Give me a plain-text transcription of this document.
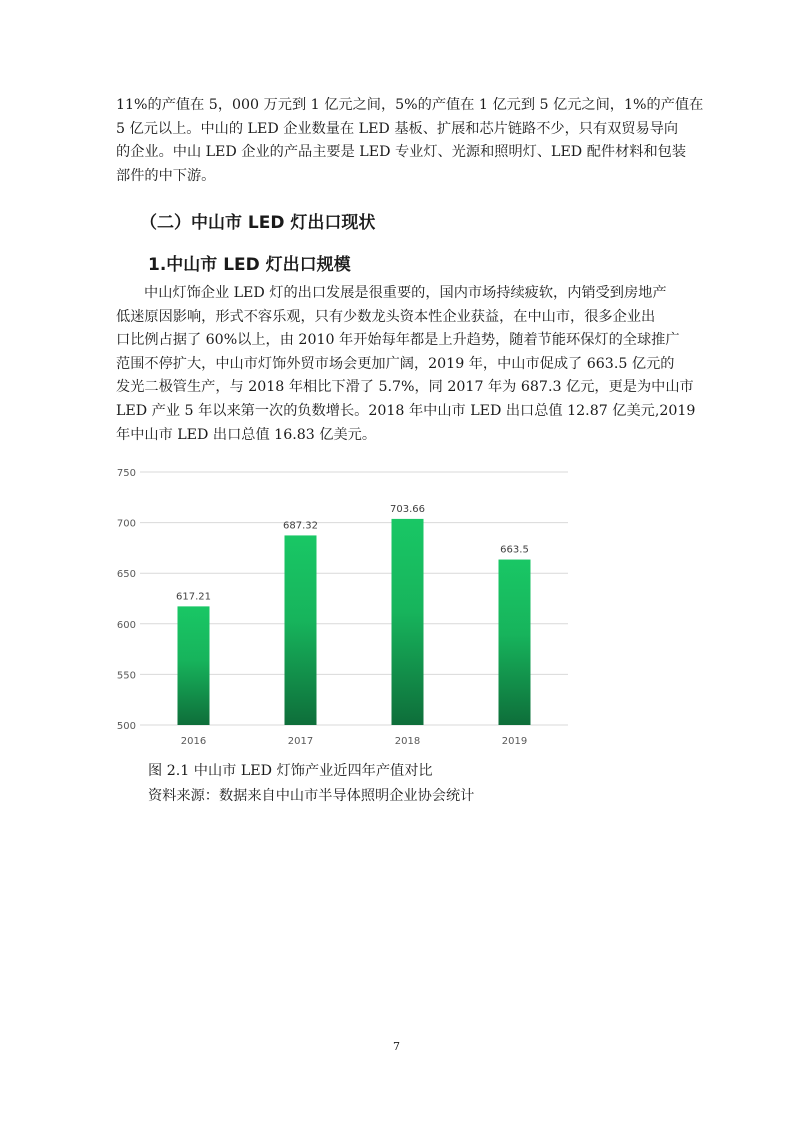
11%的产值在 5，000 万元到 1 亿元之间，5%的产值在 1 亿元到 5 亿元之间，1%的产值在
5 亿元以上。中山的 LED 企业数量在 LED 基板、扩展和芯片链路不少，只有双贸易导向
的企业。中山 LED 企业的产品主要是 LED 专业灯、光源和照明灯、LED 配件材料和包装
部件的中下游。
（二）中山市 LED 灯出口现状
1.中山市 LED 灯出口规模
中山灯饰企业 LED 灯的出口发展是很重要的，国内市场持续疲软，内销受到房地产
低迷原因影响，形式不容乐观，只有少数龙头资本性企业获益，在中山市，很多企业出
口比例占据了 60%以上，由 2010 年开始每年都是上升趋势，随着节能环保灯的全球推广
范围不停扩大，中山市灯饰外贸市场会更加广阔，2019 年，中山市促成了 663.5 亿元的
发光二极管生产，与 2018 年相比下滑了 5.7%，同 2017 年为 687.3 亿元，更是为中山市
LED 产业 5 年以来第一次的负数增长。2018 年中山市 LED 出口总值 12.87 亿美元,2019
年中山市 LED 出口总值 16.83 亿美元。
750
700
650
600
550
500
617.21
687.32
703.66
663.5
2016	2017	2018	2019

图 2.1 中山市 LED 灯饰产业近四年产值对比

资料来源：数据来自中山市半导体照明企业协会统计

7
